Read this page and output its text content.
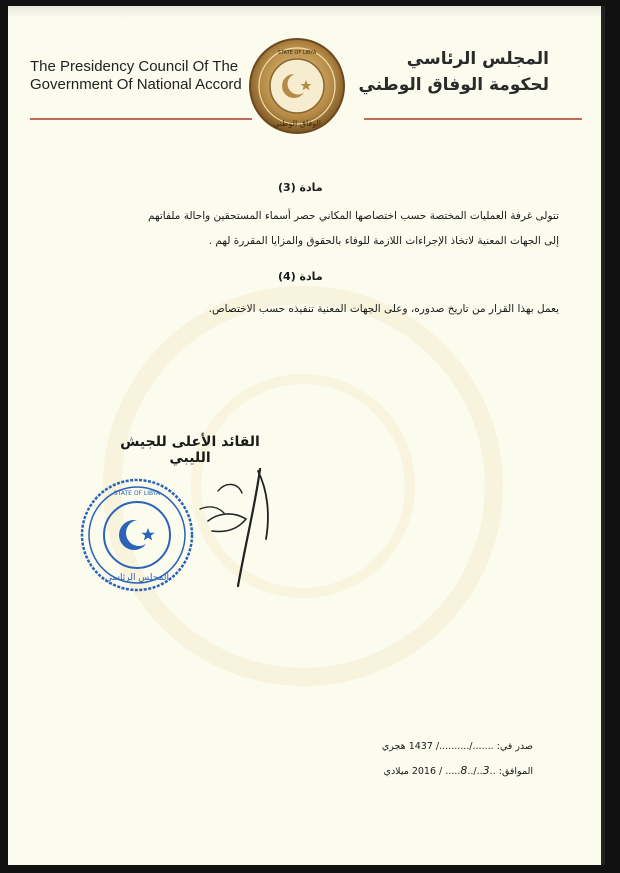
The Presidency Council Of The
Government Of National Accord
المجلس الرئاسي
لحكومة الوفاق الوطني
STATE OF LIBYA
الوفاق الوطني
مادة (3)
تتولى غرفة العمليات المختصة حسب اختصاصها المكاني حصر أسماء المستحقين واحالة ملفاتهم
إلى الجهات المعنية لاتخاذ الإجراءات اللازمة للوفاء بالحقوق والمزايا المقررة لهم .
مادة (4)
يعمل بهذا القرار من تاريخ صدوره، وعلى الجهات المعنية تنفيذه حسب الاختصاص.
القائد الأعلى للجيش الليبي
STATE OF LIBYA
المجلس الرئاسي
صدر في: ......./........../ 1437 هجري
الموافق: ..3../..8..... / 2016 ميلادي
